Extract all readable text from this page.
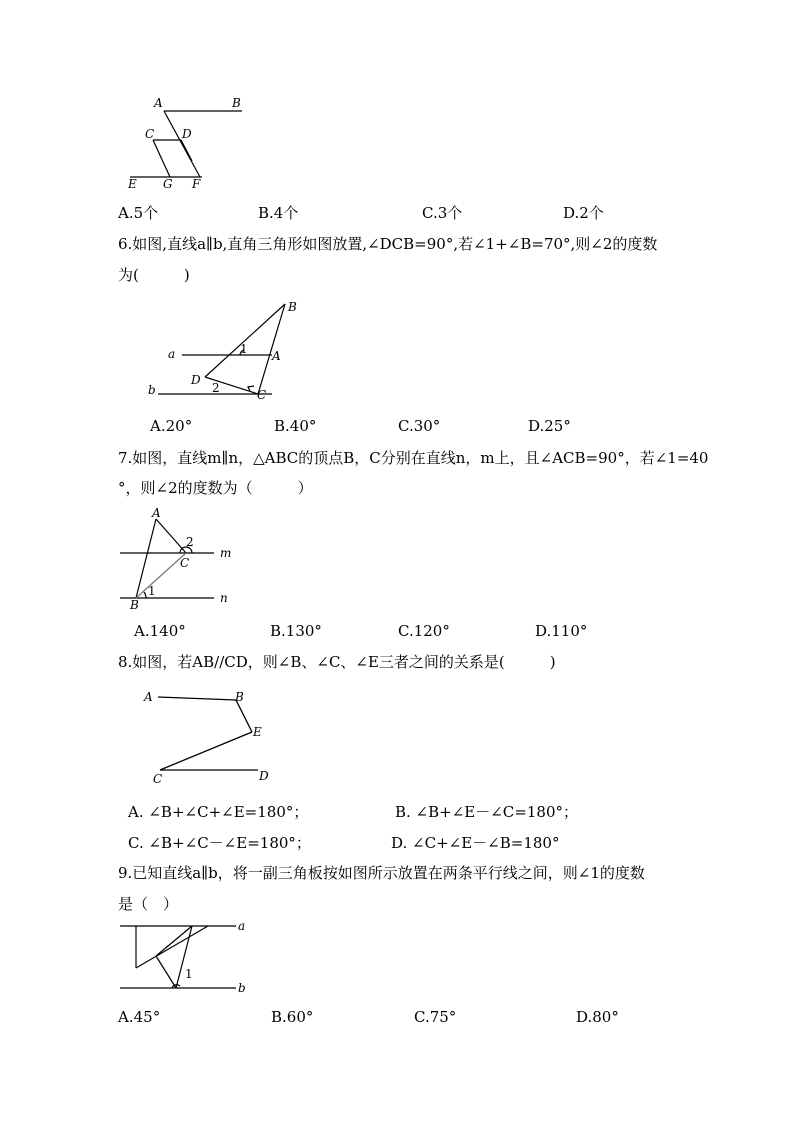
A	B
C D
E G F
A.5个	B.4个	C.3个	D.2个
6.如图,直线a∥b,直角三角形如图放置,∠DCB=90°,若∠1+∠B=70°,则∠2的度数
为(　　　)
B
a	1 A
D
b	2	C
A.20°	B.40°	C.30°	D.25°
7.如图，直线m∥n，△ABC的顶点B，C分别在直线n，m上，且∠ACB=90°，若∠1=40
°，则∠2的度数为（　　　）
A
2
m
C
1
B	n
A.140°	B.130°	C.120°	D.110°
8.如图，若AB//CD，则∠B、∠C、∠E三者之间的关系是(　　　)
A	B
E
C	D
A. ∠B+∠C+∠E=180°；	B. ∠B+∠E－∠C=180°；
C. ∠B+∠C－∠E=180°；	D. ∠C+∠E－∠B=180°
9.已知直线a∥b，将一副三角板按如图所示放置在两条平行线之间，则∠1的度数
是（　）
a
1
b
A.45°	B.60°	C.75°	D.80°
